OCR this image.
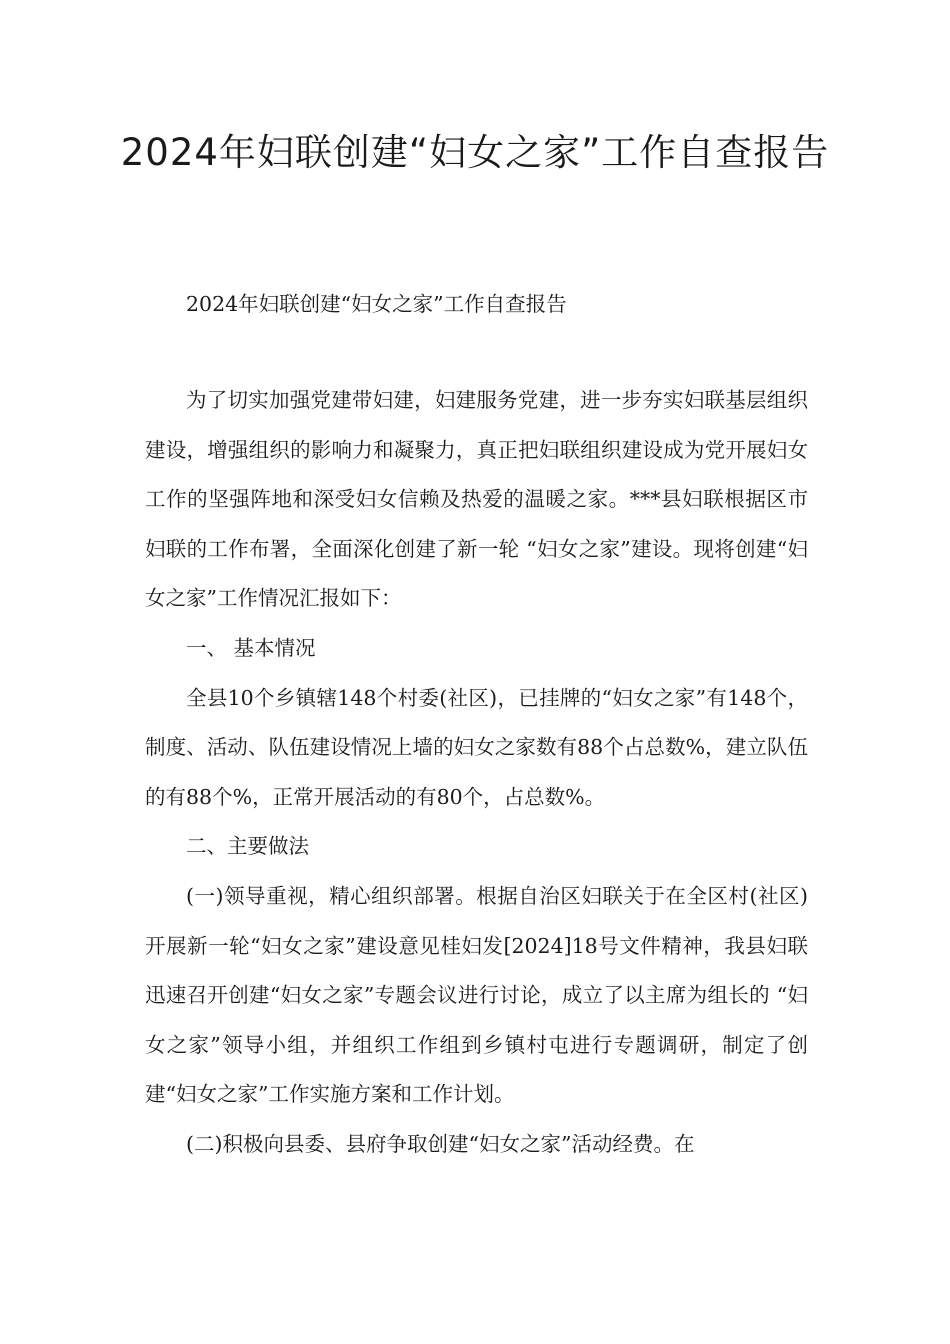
2024年妇联创建“妇女之家”工作自查报告

2024年妇联创建“妇女之家”工作自查报告

为了切实加强党建带妇建，妇建服务党建，进一步夯实妇联基层组织建设，增强组织的影响力和凝聚力，真正把妇联组织建设成为党开展妇女工作的坚强阵地和深受妇女信赖及热爱的温暖之家。***县妇联根据区市妇联的工作布署，全面深化创建了新一轮 “妇女之家”建设。现将创建“妇女之家”工作情况汇报如下：

一、 基本情况

全县10个乡镇辖148个村委(社区)，已挂牌的“妇女之家”有148个，制度、活动、队伍建设情况上墙的妇女之家数有88个占总数%，建立队伍的有88个%，正常开展活动的有80个，占总数%。

二、主要做法

(一)领导重视，精心组织部署。根据自治区妇联关于在全区村(社区)开展新一轮“妇女之家”建设意见桂妇发[2024]18号文件精神，我县妇联迅速召开创建“妇女之家”专题会议进行讨论，成立了以主席为组长的 “妇女之家”领导小组，并组织工作组到乡镇村屯进行专题调研，制定了创建“妇女之家”工作实施方案和工作计划。

(二)积极向县委、县府争取创建“妇女之家”活动经费。在
